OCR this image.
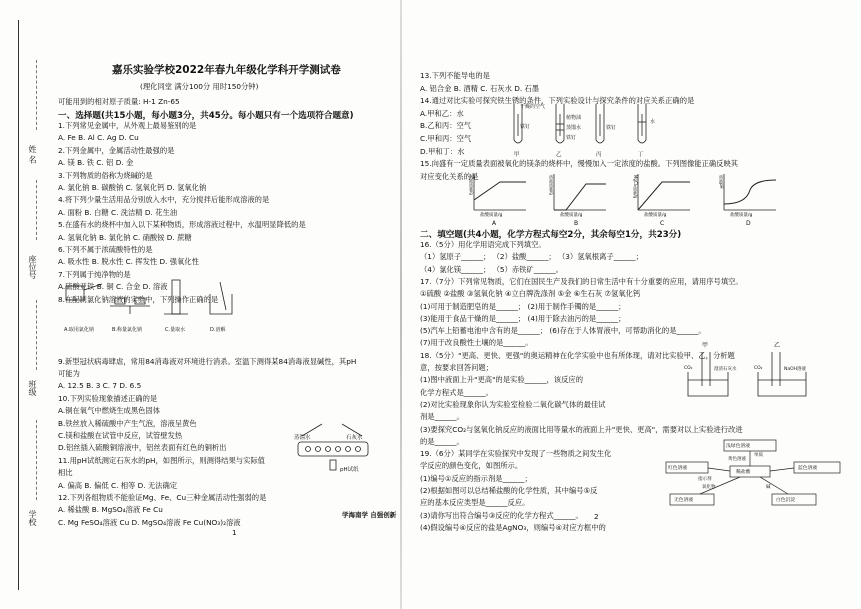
姓 名
座位号
班级
学校
嘉乐实验学校2022年春九年级化学科开学测试卷
(理化同堂 满分100分 用时150分钟)
可能用到的相对原子质量: H-1 Zn-65
一、选择题(共15小题，每小题3分，共45分。每小题只有一个选项符合题意)
1.下列常见金属中，从外观上最易鉴别的是
A. Fe B. Al C. Ag D. Cu
2.下列金属中，金属活动性最强的是
A. 镁 B. 铁 C. 铝 D. 金
3.下列物质的俗称为烧碱的是
A. 氯化钠 B. 碳酸钠 C. 氢氧化钙 D. 氢氧化钠
4.将下列少量生活用品分别放入水中，充分搅拌后能形成溶液的是
A. 面粉 B. 白糖 C. 洗洁精 D. 花生油
5.在盛有水的烧杯中加入以下某种物质，形成溶液过程中，水温明显降低的是
A. 氢氧化钠 B. 氯化钠 C. 硝酸铵 D. 蔗糖
6.下列不属于浓硫酸特性的是
A. 吸水性 B. 脱水性 C. 挥发性 D. 强氧化性
7.下列属于纯净物的是
A.硫酸亚铁 B. 铜 C. 合金 D. 溶液
8.在配制氯化钠溶液的实验中，下列操作正确的是
9.新型冠状病毒肆虐，常用84消毒液对环境进行消杀。室温下测得某84消毒液显碱性，其pH
可能为
A. 12.5 B. 3 C. 7 D. 6.5
10.下列实验现象描述正确的是
A.铜在氧气中燃烧生成黑色固体
B.铁丝放入稀硫酸中产生气泡，溶液呈黄色
C.镁和盐酸在试管中反应，试管壁发热
D.铝丝插入硫酸铜溶液中，铝丝表面有红色的铜析出
11.用pH试纸测定石灰水的pH，如图所示，则测得结果与实际值
相比
A. 偏高 B. 偏低 C. 相等 D. 无法确定
12.下列各组物质不能验证Mg、Fe、Cu三种金属活动性强弱的是
A. 稀盐酸 B. MgSO₄溶液 Fe Cu
C. Mg FeSO₄溶液 Cu D. MgSO₄溶液 Fe Cu(NO₃)₂溶液
A.取用氯化钠	B.称量氯化钠	C.量取水	D.溶解
蒸馏水	石灰水
pH试纸
1
13.下列不能导电的是
A. 铝合金 B. 酒精 C. 石灰水 D. 石墨
14.通过对比实验可探究铁生锈的条件，下列实验设计与探究条件的对应关系正确的是
A.甲和乙：水
B.乙和丙：空气
C.甲和丙：空气
D.甲和丁：水
15.向盛有一定质量表面被氧化的镁条的烧杯中，慢慢加入一定浓度的盐酸。下列图像能正确反映其
对应变化关系的是
干燥的空气
铁钉
植物油
蒸馏水
铁钉
铁钉
水
甲	乙	丙	丁
溶液质量/g
盐酸质量/g
A
溶液质量/g
盐酸质量/g
B
MgCl₂质量/g
盐酸质量/g
C
溶液pH
盐酸质量/g
D
二、填空题(共4小题，化学方程式每空2分，其余每空1分，共23分)
16.（5分）用化学用语完成下列填空。
（1）氢原子______； （2）盐酸______； （3）氢氧根离子______；
（4）氯化镁______； （5）赤铁矿______。
17.（7分）下列常见物质，它们在国民生产及我们的日常生活中有十分重要的应用，请用序号填空。
①硫酸 ②盐酸 ③氢氧化钠 ④立白牌洗涤剂 ⑤金 ⑥生石灰 ⑦氢氧化钙
(1)可用于制造肥皂的是______； (2)用于制作手镯的是______；
(3)能用于食品干燥的是______； (4)用于除去油污的是______；
(5)汽车上铅蓄电池中含有的是______； (6)存在于人体胃液中，可帮助消化的是______。
(7)用于改良酸性土壤的是______。
18.（5分）"更高、更快、更强"的奥运精神在化学实验中也有所体现，请对比实验甲、乙，分析题
意，按要求回答问题；
(1)图中液面上升"更高"的是实验______，该反应的
化学方程式是______。
(2)对比实验现象你认为实验室检验二氧化碳气体的最佳试
剂是______。
(3)要探究CO₂与氢氧化钠反应的液面比用等量水的液面上升"更快、更高"，需要对以上实验进行改进
的是______。
19.（6分）某同学在实验探究中发现了一些物质之间发生化
学反应的颜色变化，如图所示。
(1)编号①反应的指示剂是______；
(2)根据如图可以总结稀盐酸的化学性质，其中编号⑤反
应的基本反应类型是______反应。
(3)请你写出符合编号③反应的化学方程式______。
(4)假设编号④反应的盐是AgNO₃，则编号④对应方框中的
甲	乙
CO₂	澄清石灰水	CO₂	NaOH溶液
浅绿色溶液
红色溶液
稀盐酸
蓝色溶液
黄色溶液
无色溶液	白色沉淀
单质
氧化物	碱
指示剂
2
学海南学 自强创新
